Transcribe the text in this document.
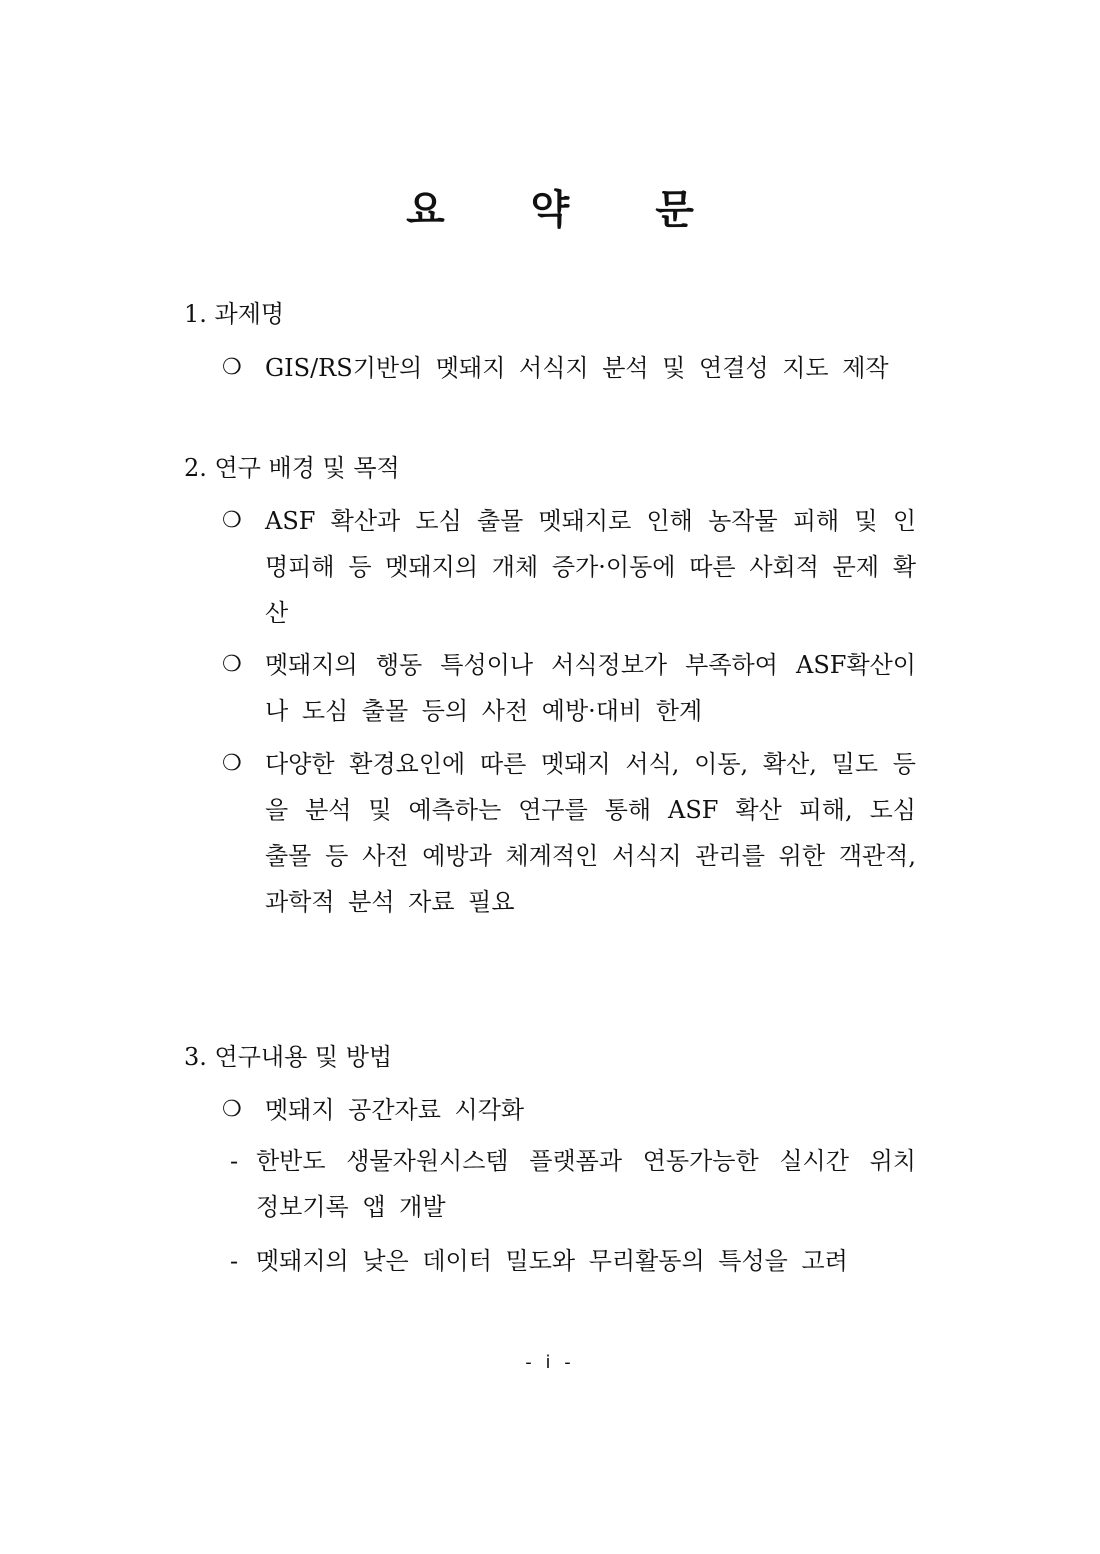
요 약 문
1. 과제명
❍ GIS/RS기반의 멧돼지 서식지 분석 및 연결성 지도 제작
2. 연구 배경 및 목적
❍ ASF 확산과 도심 출몰 멧돼지로 인해 농작물 피해 및 인명피해 등 멧돼지의 개체 증가·이동에 따른 사회적 문제 확산
❍ 멧돼지의 행동 특성이나 서식정보가 부족하여 ASF확산이나 도심 출몰 등의 사전 예방·대비 한계
❍ 다양한 환경요인에 따른 멧돼지 서식, 이동, 확산, 밀도 등을 분석 및 예측하는 연구를 통해 ASF 확산 피해, 도심 출몰 등 사전 예방과 체계적인 서식지 관리를 위한 객관적, 과학적 분석 자료 필요
3. 연구내용 및 방법
❍ 멧돼지 공간자료 시각화
- 한반도 생물자원시스템 플랫폼과 연동가능한 실시간 위치 정보기록 앱 개발
- 멧돼지의 낮은 데이터 밀도와 무리활동의 특성을 고려
- i -
